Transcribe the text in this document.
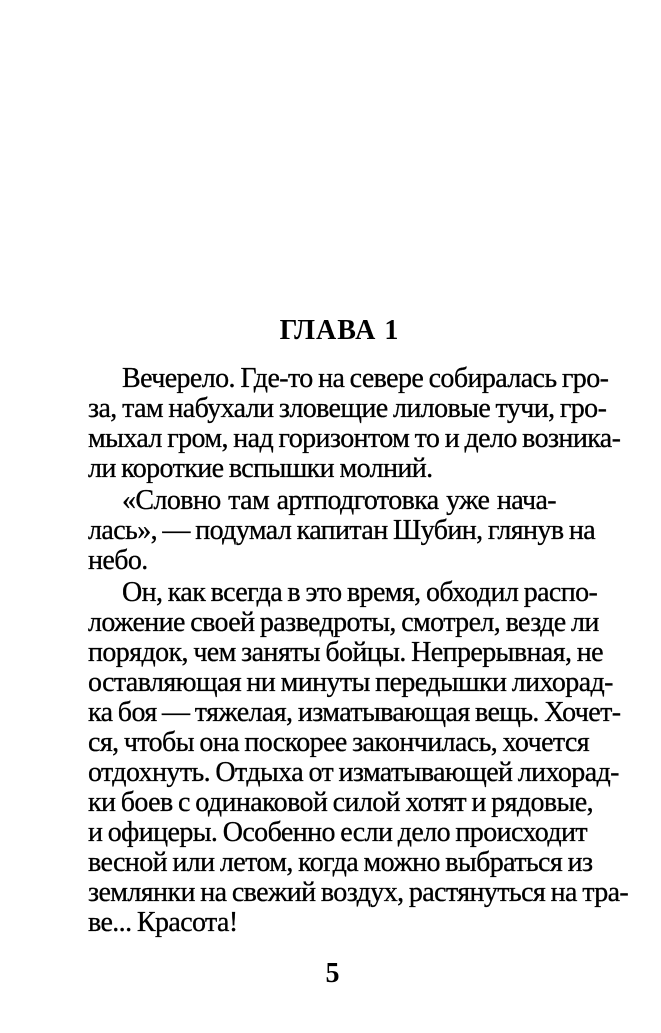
ГЛАВА 1
Вечерело. Где-то на севере собиралась гро-
за, там набухали зловещие лиловые тучи, гро-
мыхал гром, над горизонтом то и дело возника-
ли короткие вспышки молний.
«Словно там артподготовка уже нача-
лась», — подумал капитан Шубин, глянув на
небо.
Он, как всегда в это время, обходил распо-
ложение своей разведроты, смотрел, везде ли
порядок, чем заняты бойцы. Непрерывная, не
оставляющая ни минуты передышки лихорад-
ка боя — тяжелая, изматывающая вещь. Хочет-
ся, чтобы она поскорее закончилась, хочется
отдохнуть. Отдыха от изматывающей лихорад-
ки боев с одинаковой силой хотят и рядовые,
и офицеры. Особенно если дело происходит
весной или летом, когда можно выбраться из
землянки на свежий воздух, растянуться на тра-
ве... Красота!
5
